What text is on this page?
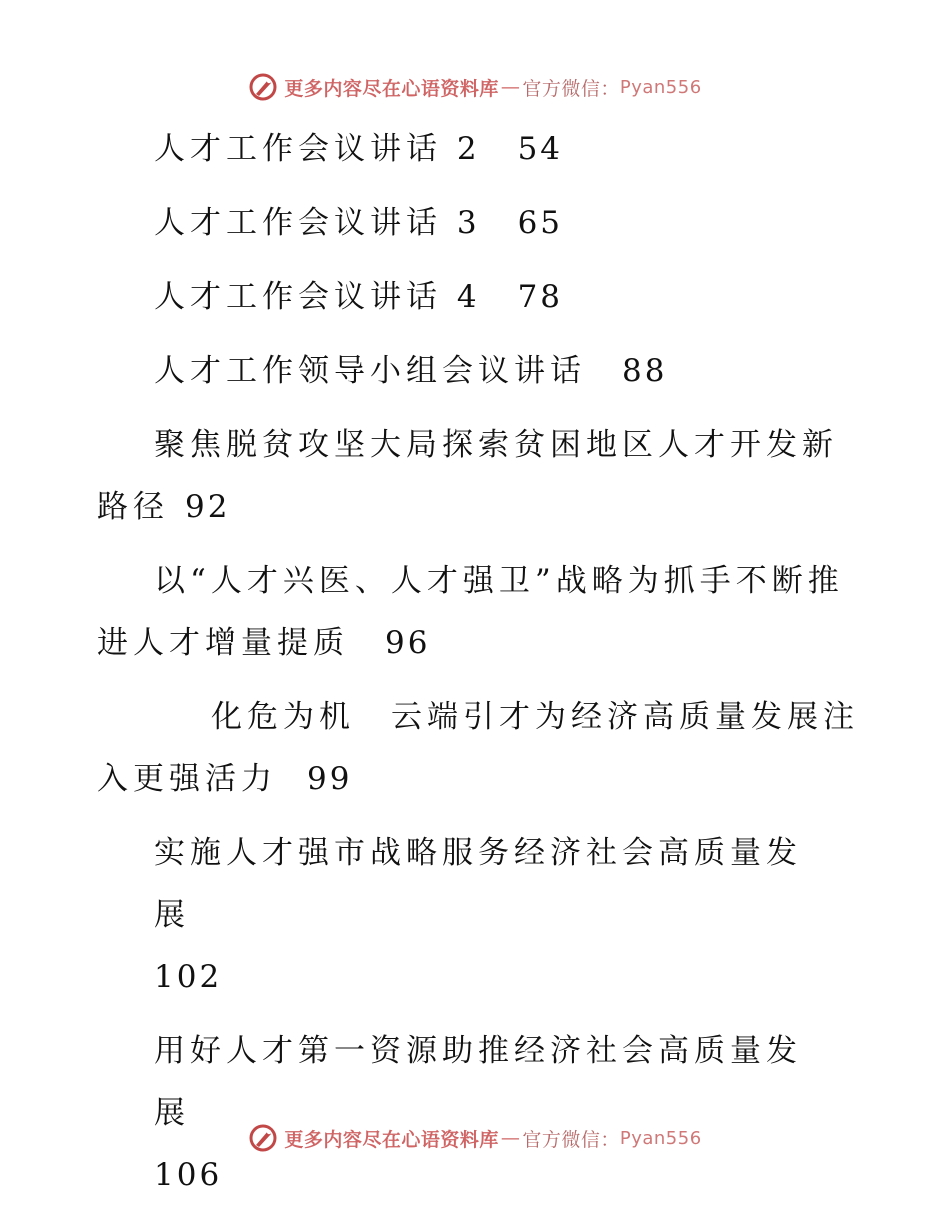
更多内容尽在心语资料库 — 官方微信： Pyan556

人才工作会议讲话 2 54

人才工作会议讲话 3 65

人才工作会议讲话 4 78

人才工作领导小组会议讲话 88

聚焦脱贫攻坚大局探索贫困地区人才开发新路径 92

以“人才兴医、人才强卫”战略为抓手不断推进人才增量提质 96

化危为机　云端引才为经济高质量发展注入更强活力 99

实施人才强市战略服务经济社会高质量发展
102

用好人才第一资源助推经济社会高质量发展
106

更多内容尽在心语资料库 — 官方微信： Pyan556
